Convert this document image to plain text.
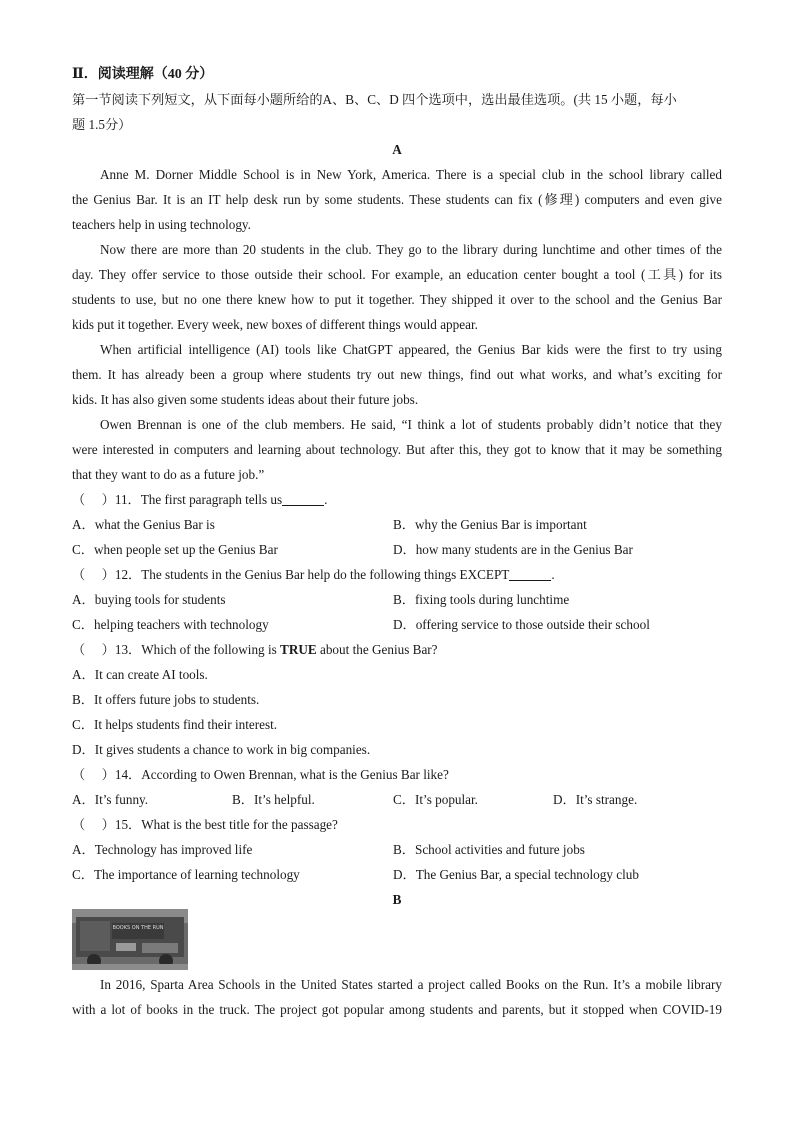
Ⅱ．阅读理解（40 分）
第一节阅读下列短文，从下面每小题所给的A、B、C、D 四个选项中，选出最佳选项。(共 15 小题，每小
题 1.5分）
A
Anne M. Dorner Middle School is in New York, America. There is a special club in the school library called
the Genius Bar. It is an IT help desk run by some students. These students can fix (修理) computers and even give
teachers help in using technology.
Now there are more than 20 students in the club. They go to the library during lunchtime and other times of the
day. They offer service to those outside their school. For example, an education center bought a tool (工具) for its
students to use, but no one there knew how to put it together. They shipped it over to the school and the Genius Bar
kids put it together. Every week, new boxes of different things would appear.
When artificial intelligence (AI) tools like ChatGPT appeared, the Genius Bar kids were the first to try using
them. It has already been a group where students try out new things, find out what works, and what’s exciting for
kids. It has also given some students ideas about their future jobs.
Owen Brennan is one of the club members. He said, “I think a lot of students probably didn’t notice that they
were interested in computers and learning about technology. But after this, they got to know that it may be something
that they want to do as a future job.”
（　 ）11．The first paragraph tells us	.
A．what the Genius Bar is	B．why the Genius Bar is important
C．when people set up the Genius Bar	D．how many students are in the Genius Bar
（　 ）12．The students in the Genius Bar help do the following things EXCEPT	.
A．buying tools for students	B．fixing tools during lunchtime
C．helping teachers with technology	D．offering service to those outside their school
（　 ）13．Which of the following is TRUE about the Genius Bar?
A．It can create AI tools.
B．It offers future jobs to students.
C．It helps students find their interest.
D．It gives students a chance to work in big companies.
（　 ）14．According to Owen Brennan, what is the Genius Bar like?
A．It’s funny.	B．It’s helpful.	C．It’s popular.	D．It’s strange.
（　 ）15．What is the best title for the passage?
A．Technology has improved life	B．School activities and future jobs
C．The importance of learning technology	D．The Genius Bar, a special technology club
B
BOOKS ON THE RUN
In 2016, Sparta Area Schools in the United States started a project called Books on the Run. It’s a mobile library
with a lot of books in the truck. The project got popular among students and parents, but it stopped when COVID-19
